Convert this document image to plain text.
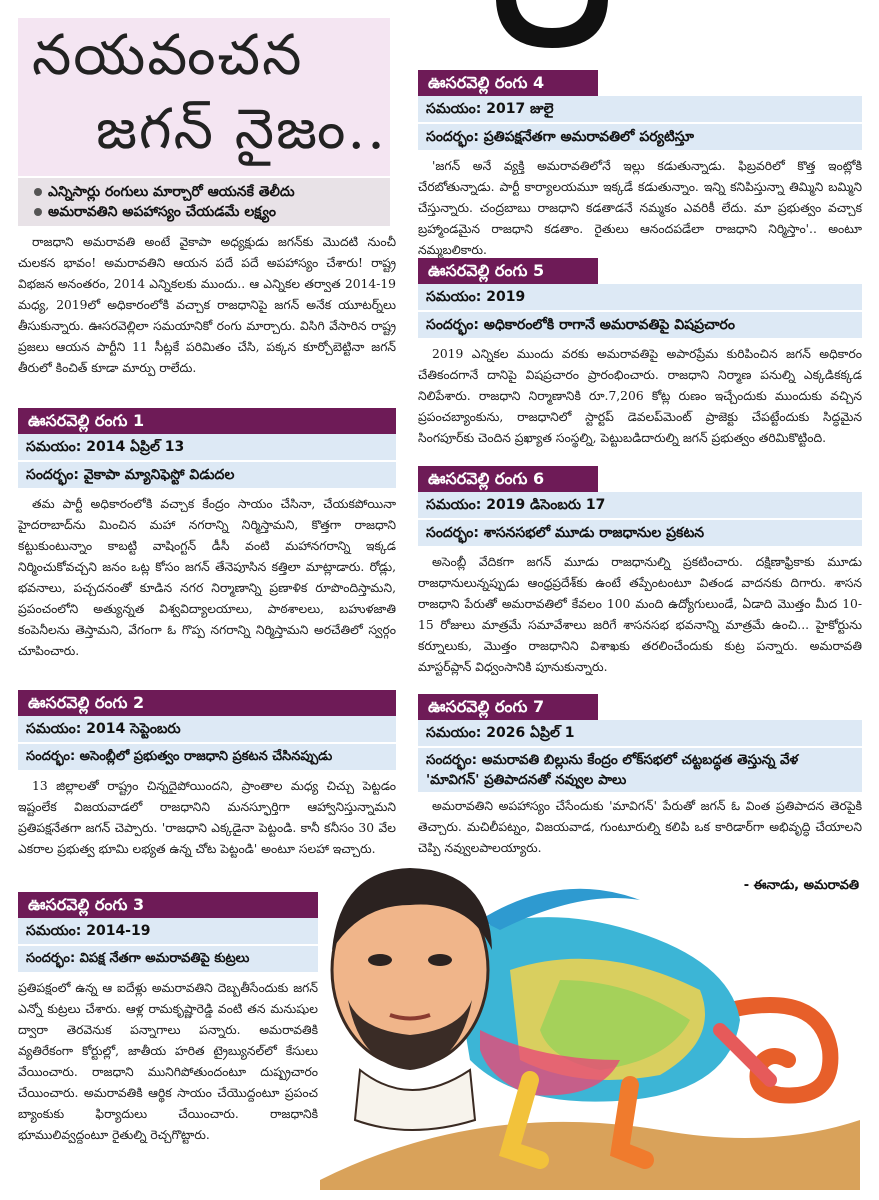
నయవంచన
జగన్‌ నైజం..
ఎన్నిసార్లు రంగులు మార్చారో ఆయనకే తెలీదు
అమరావతిని అపహాస్యం చేయడమే లక్ష్యం
రాజధాని అమరావతి అంటే వైకాపా అధ్యక్షుడు జగన్‌కు మొదటి నుంచీ చులకన భావం! అమరావతిని ఆయన పదే పదే అపహాస్యం చేశారు! రాష్ట్ర విభజన అనంతరం, 2014 ఎన్నికలకు ముందు.. ఆ ఎన్నికల తర్వాత 2014-19 మధ్య, 2019లో అధికారంలోకి వచ్చాక రాజధానిపై జగన్‌ అనేక యూటర్న్‌లు తీసుకున్నారు. ఊసరవెల్లిలా సమయానికో రంగు మార్చారు. విసిగి వేసారిన రాష్ట్ర ప్రజలు ఆయన పార్టీని 11 సీట్లకే పరిమితం చేసి, పక్కన కూర్చోబెట్టినా జగన్‌ తీరులో కించిత్‌ కూడా మార్పు రాలేదు.
ఊసరవెల్లి రంగు 1
సమయం: 2014 ఏప్రిల్‌ 13
సందర్భం: వైకాపా మ్యానిఫెస్టో విడుదల
తమ పార్టీ అధికారంలోకి వచ్చాక కేంద్రం సాయం చేసినా, చేయకపోయినా హైదరాబాద్‌ను మించిన మహా నగరాన్ని నిర్మిస్తామని, కొత్తగా రాజధాని కట్టుకుంటున్నాం కాబట్టి వాషింగ్టన్‌ డీసీ వంటి మహానగరాన్ని ఇక్కడ నిర్మించుకోవచ్చని జనం ఒట్ల కోసం జగన్‌ తేనెపూసిన కత్తిలా మాట్లాడారు. రోడ్లు, భవనాలు, పచ్చదనంతో కూడిన నగర నిర్మాణాన్ని ప్రణాళిక రూపొందిస్తామని, ప్రపంచంలోని అత్యున్నత విశ్వవిద్యాలయాలు, పాఠశాలలు, బహుళజాతి కంపెనీలను తెస్తామని, వేగంగా ఓ గొప్ప నగరాన్ని నిర్మిస్తామని అరచేతిలో స్వర్గం చూపించారు.
ఊసరవెల్లి రంగు 2
సమయం: 2014 సెప్టెంబరు
సందర్భం: అసెంబ్లీలో ప్రభుత్వం రాజధాని ప్రకటన చేసినప్పుడు
13 జిల్లాలతో రాష్ట్రం చిన్నదైపోయిందని, ప్రాంతాల మధ్య చిచ్చు పెట్టడం ఇష్టంలేక విజయవాడలో రాజధానిని మనస్ఫూర్తిగా ఆహ్వానిస్తున్నామని ప్రతిపక్షనేతగా జగన్‌ చెప్పారు. 'రాజధాని ఎక్కడైనా పెట్టండి. కానీ కనీసం 30 వేల ఎకరాల ప్రభుత్వ భూమి లభ్యత ఉన్న చోట పెట్టండి' అంటూ సలహా ఇచ్చారు.
ఊసరవెల్లి రంగు 3
సమయం: 2014-19
సందర్భం: విపక్ష నేతగా అమరావతిపై కుట్రలు
ప్రతిపక్షంలో ఉన్న ఆ ఐదేళ్లు అమరావతిని దెబ్బతీసేందుకు జగన్‌ ఎన్నో కుట్రలు చేశారు. ఆళ్ల రామకృష్ణారెడ్డి వంటి తన మనుషుల ద్వారా తెరవెనుక పన్నాగాలు పన్నారు. అమరావతికి వ్యతిరేకంగా కోర్టుల్లో, జాతీయ హరిత ట్రైబ్యునల్‌లో కేసులు వేయించారు. రాజధాని మునిగిపోతుందంటూ దుష్ప్రచారం చేయించారు. అమరావతికి ఆర్థిక సాయం చేయొద్దంటూ ప్రపంచ బ్యాంకుకు ఫిర్యాదులు చేయించారు. రాజధానికి భూములివ్వద్దంటూ రైతుల్ని రెచ్చగొట్టారు.
ఊసరవెల్లి రంగు 4
సమయం: 2017 జులై
సందర్భం: ప్రతిపక్షనేతగా అమరావతిలో పర్యటిస్తూ
'జగన్‌ అనే వ్యక్తి అమరావతిలోనే ఇల్లు కడుతున్నాడు. ఫిబ్రవరిలో కొత్త ఇంట్లోకి చేరబోతున్నాడు. పార్టీ కార్యాలయమూ ఇక్కడే కడుతున్నాం. ఇన్ని కనిపిస్తున్నా తిమ్మిని బమ్మిని చేస్తున్నారు. చంద్రబాబు రాజధాని కడతాడనే నమ్మకం ఎవరికీ లేదు. మా ప్రభుత్వం వచ్చాక బ్రహ్మాండమైన రాజధాని కడతాం. రైతులు ఆనందపడేలా రాజధాని నిర్మిస్తాం'.. అంటూ నమ్మబలికారు.
ఊసరవెల్లి రంగు 5
సమయం: 2019
సందర్భం: అధికారంలోకి రాగానే అమరావతిపై విషప్రచారం
2019 ఎన్నికల ముందు వరకు అమరావతిపై అపారప్రేమ కురిపించిన జగన్‌ అధికారం చేతికందగానే దానిపై విషప్రచారం ప్రారంభించారు. రాజధాని నిర్మాణ పనుల్ని ఎక్కడికక్కడ నిలిపేశారు. రాజధాని నిర్మాణానికి రూ.7,206 కోట్ల రుణం ఇచ్చేందుకు ముందుకు వచ్చిన ప్రపంచబ్యాంకును, రాజధానిలో స్టార్టప్‌ డెవలప్‌మెంట్‌ ప్రాజెక్టు చేపట్టేందుకు సిద్ధమైన సింగపూర్‌కు చెందిన ప్రఖ్యాత సంస్థల్ని, పెట్టుబడిదారుల్ని జగన్‌ ప్రభుత్వం తరిమికొట్టింది.
ఊసరవెల్లి రంగు 6
సమయం: 2019 డిసెంబరు 17
సందర్భం: శాసనసభలో మూడు రాజధానుల ప్రకటన
అసెంబ్లీ వేదికగా జగన్‌ మూడు రాజధానుల్ని ప్రకటించారు. దక్షిణాఫ్రికాకు మూడు రాజధానులున్నప్పుడు ఆంధ్రప్రదేశ్‌కు ఉంటే తప్పేంటంటూ వితండ వాదనకు దిగారు. శాసన రాజధాని పేరుతో అమరావతిలో కేవలం 100 మంది ఉద్యోగులుండే, ఏడాది మొత్తం మీద 10-15 రోజులు మాత్రమే సమావేశాలు జరిగే శాసనసభ భవనాన్ని మాత్రమే ఉంచి... హైకోర్టును కర్నూలుకు, మొత్తం రాజధానిని విశాఖకు తరలించేందుకు కుట్ర పన్నారు. అమరావతి మాస్టర్‌ప్లాన్‌ విధ్వంసానికి పూనుకున్నారు.
ఊసరవెల్లి రంగు 7
సమయం: 2026 ఏప్రిల్‌ 1
సందర్భం: అమరావతి బిల్లును కేంద్రం లోక్‌సభలో చట్టబద్ధత తెస్తున్న వేళ 'మావిగన్‌' ప్రతిపాదనతో నవ్వుల పాలు
అమరావతిని అపహాస్యం చేసేందుకు 'మావిగన్‌' పేరుతో జగన్‌ ఓ వింత ప్రతిపాదన తెరపైకి తెచ్చారు. మచిలీపట్నం, విజయవాడ, గుంటూరుల్ని కలిపి ఒక కారిడార్‌గా అభివృద్ధి చేయాలని చెప్పి నవ్వులపాలయ్యారు.
- ఈనాడు, అమరావతి
